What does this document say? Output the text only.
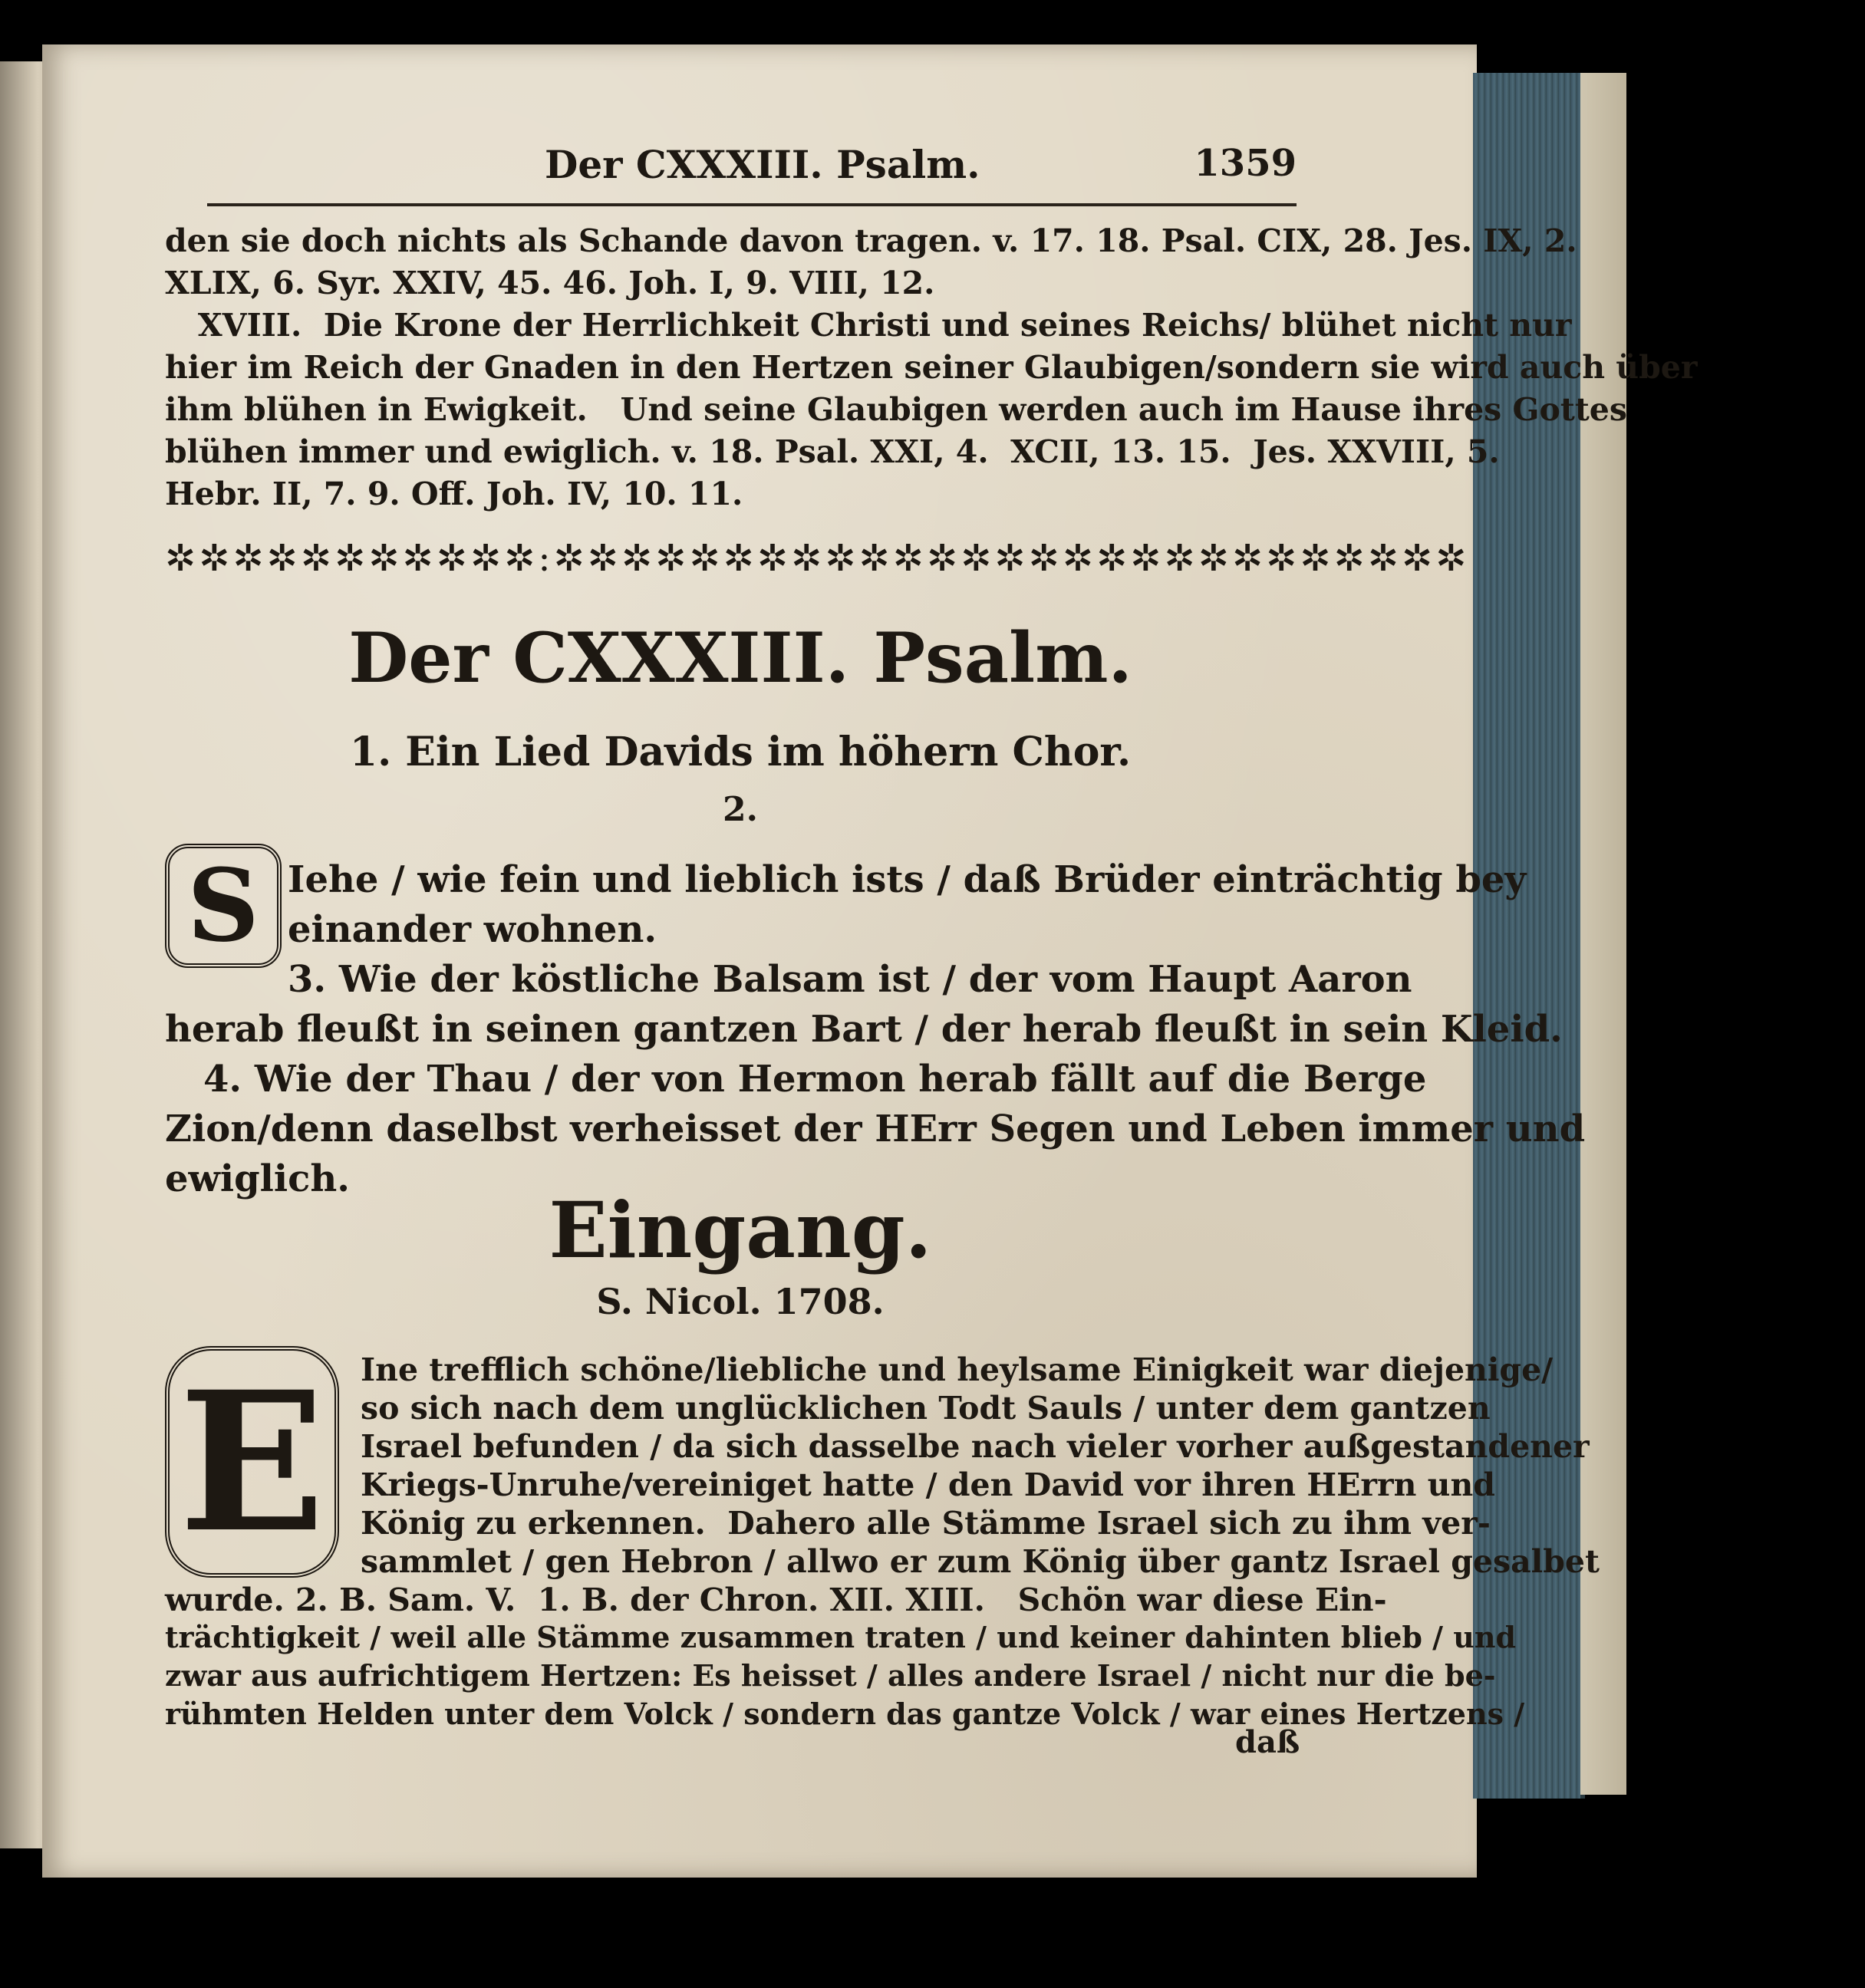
Der CXXXIII. Psalm.	1359
den sie doch nichts als Schande davon tragen. v. 17. 18. Psal. CIX, 28. Jes. IX, 2.
XLIX, 6. Syr. XXIV, 45. 46. Joh. I, 9. VIII, 12.
XVIII.  Die Krone der Herrlichkeit Christi und seines Reichs/ blühet nicht nur
hier im Reich der Gnaden in den Hertzen seiner Glaubigen/sondern sie wird auch über
ihm blühen in Ewigkeit.   Und seine Glaubigen werden auch im Hause ihres Gottes
blühen immer und ewiglich. v. 18. Psal. XXI, 4.  XCII, 13. 15.  Jes. XXVIII, 5.
Hebr. II, 7. 9. Off. Joh. IV, 10. 11.
✲✲✲✲✲✲✲✲✲✲✲:✲✲✲✲✲✲✲✲✲✲✲✲✲✲✲✲✲✲✲✲✲✲✲✲✲✲✲
Der CXXXIII. Psalm.
1. Ein Lied Davids im höhern Chor.
2.
S Iehe / wie fein und lieblich ists / daß Brüder einträchtig bey
einander wohnen.
3. Wie der köstliche Balsam ist / der vom Haupt Aaron
herab fleußt in seinen gantzen Bart / der herab fleußt in sein Kleid.
4. Wie der Thau / der von Hermon herab fällt auf die Berge
Zion/denn daselbst verheisset der HErr Segen und Leben immer und
ewiglich.
Eingang.
S. Nicol. 1708.
E	Ine trefflich schöne/liebliche und heylsame Einigkeit war diejenige/
so sich nach dem unglücklichen Todt Sauls / unter dem gantzen
Israel befunden / da sich dasselbe nach vieler vorher außgestandener
Kriegs-Unruhe/vereiniget hatte / den David vor ihren HErrn und
König zu erkennen.  Dahero alle Stämme Israel sich zu ihm ver-
sammlet / gen Hebron / allwo er zum König über gantz Israel gesalbet
wurde. 2. B. Sam. V.  1. B. der Chron. XII. XIII.   Schön war diese Ein-
trächtigkeit / weil alle Stämme zusammen traten / und keiner dahinten blieb / und
zwar aus aufrichtigem Hertzen: Es heisset / alles andere Israel / nicht nur die be-
rühmten Helden unter dem Volck / sondern das gantze Volck / war eines Hertzens /
daß
